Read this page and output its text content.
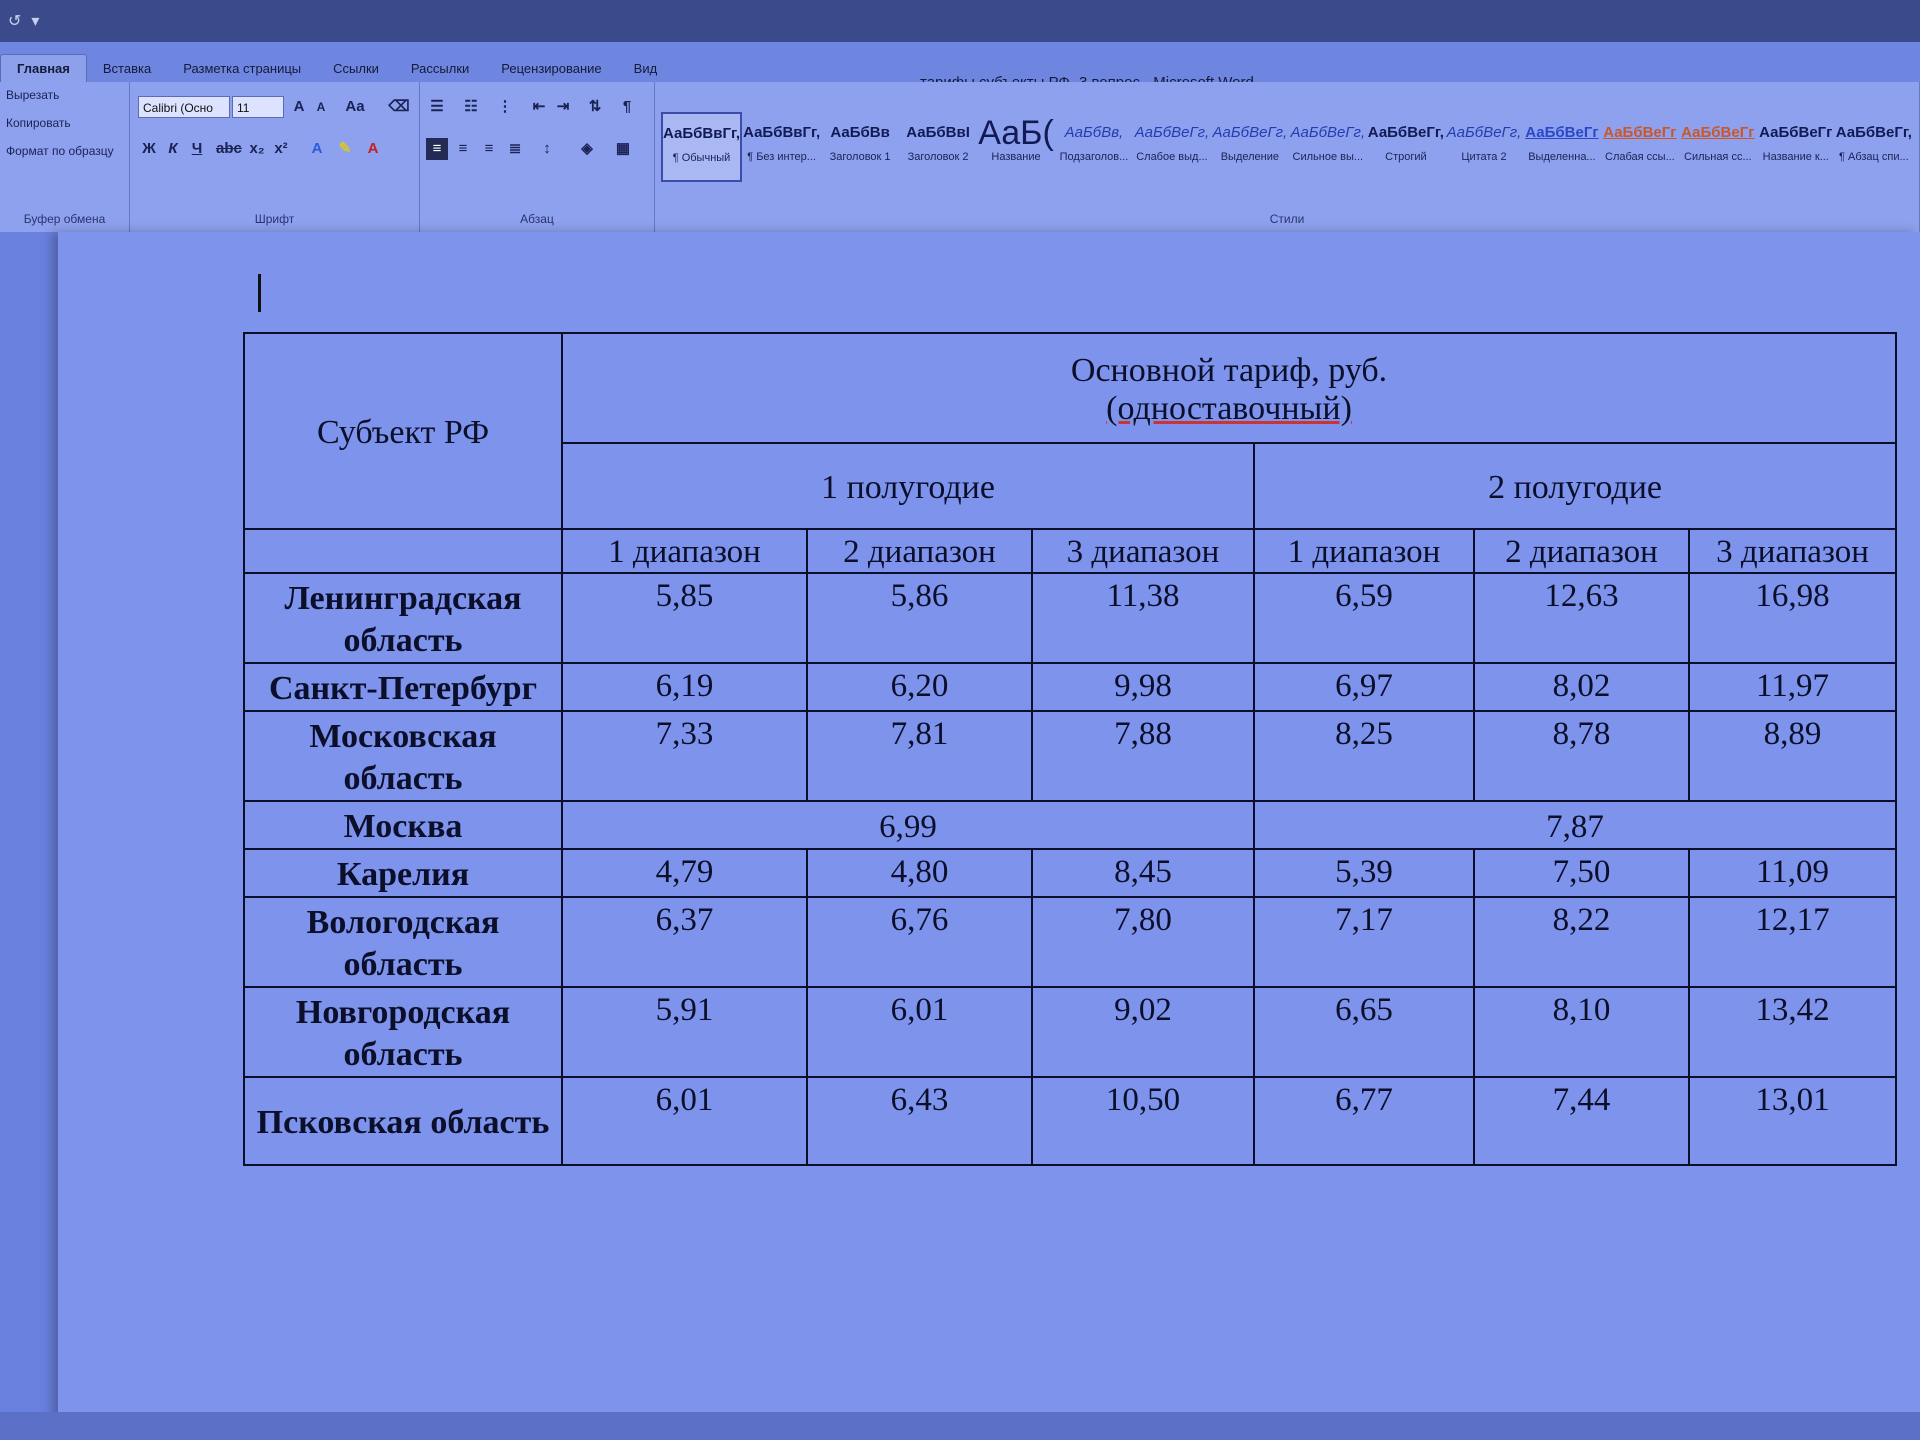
↺ ▾
Главная	Вставка	Разметка страницы	Ссылки	Рассылки	Рецензирование	Вид
Вырезать
Копировать
Формат по образцу
Буфер обмена
Calibri (Осно	11	A	A	Aa ⌫
Ж К Ч abc x₂ x²	A	✎	A
Шрифт
☰ ☷ ⋮	⇤ ⇥	⇅	¶
≡	≡	≡	≣	↕	◈	▦
Абзац
АаБбВвГг,
¶ Обычный
АаБбВвГг,
¶ Без интер...
АаБбВв
Заголовок 1
АаБбВвІ
Заголовок 2
АаБ(
Название
АаБбВв,
Подзаголов...
АаБбВеГг,
Слабое выд...
АаБбВеГг,
Выделение
АаБбВеГг,
Сильное вы...
АаБбВеГг,
Строгий
АаБбВеГг,
Цитата 2
АаБбВеГг
Выделенна...
АаБбВеГг
Слабая ссы...
АаБбВеГг
Сильная сс...
АаБбВеГг
Название к...
АаБбВеГг,
¶ Абзац спи...
Стили
Субъект РФ	Основной тариф, руб.
(одноставочный)					

	1 полугодие			2 полугодие		
	1 диапазон	2 диапазон	3 диапазон	1 диапазон	2 диапазон	3 диапазон
Ленинградская область	5,85	5,86	11,38	6,59	12,63	16,98
Санкт-Петербург	6,19	6,20	9,98	6,97	8,02	11,97
Московская область	7,33	7,81	7,88	8,25	8,78	8,89
Москва	6,99			7,87		
Карелия	4,79	4,80	8,45	5,39	7,50	11,09
Вологодская область	6,37	6,76	7,80	7,17	8,22	12,17
Новгородская область	5,91	6,01	9,02	6,65	8,10	13,42
Псковская область	6,01	6,43	10,50	6,77	7,44	13,01
